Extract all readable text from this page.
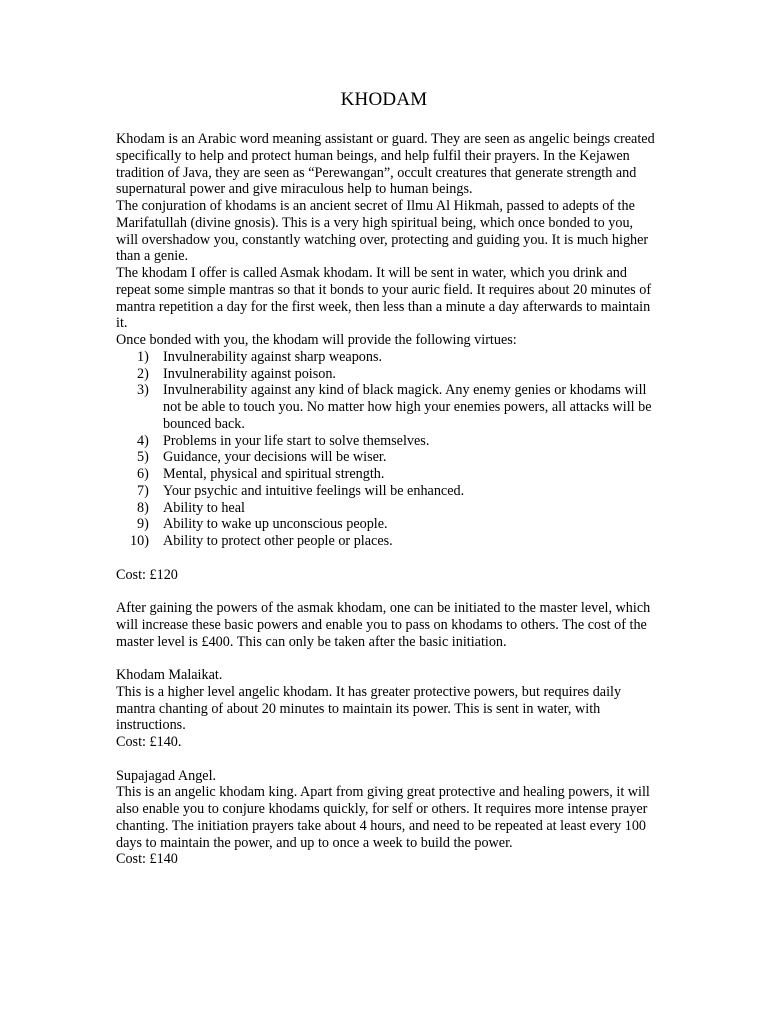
KHODAM

Khodam is an Arabic word meaning assistant or guard. They are seen as angelic beings created specifically to help and protect human beings, and help fulfil their prayers. In the Kejawen tradition of Java, they are seen as “Perewangan”, occult creatures that generate strength and supernatural power and give miraculous help to human beings.

The conjuration of khodams is an ancient secret of Ilmu Al Hikmah, passed to adepts of the Marifatullah (divine gnosis). This is a very high spiritual being, which once bonded to you, will overshadow you, constantly watching over, protecting and guiding you. It is much higher than a genie.

The khodam I offer is called Asmak khodam. It will be sent in water, which you drink and repeat some simple mantras so that it bonds to your auric field. It requires about 20 minutes of mantra repetition a day for the first week, then less than a minute a day afterwards to maintain it.

Once bonded with you, the khodam will provide the following virtues:

1) Invulnerability against sharp weapons.
2) Invulnerability against poison.
3) Invulnerability against any kind of black magick. Any enemy genies or khodams will not be able to touch you. No matter how high your enemies powers, all attacks will be bounced back.
4) Problems in your life start to solve themselves.
5) Guidance, your decisions will be wiser.
6) Mental, physical and spiritual strength.
7) Your psychic and intuitive feelings will be enhanced.
8) Ability to heal
9) Ability to wake up unconscious people.
10) Ability to protect other people or places.

Cost: £120

After gaining the powers of the asmak khodam, one can be initiated to the master level, which will increase these basic powers and enable you to pass on khodams to others. The cost of the master level is £400. This can only be taken after the basic initiation.

Khodam Malaikat.

This is a higher level angelic khodam. It has greater protective powers, but requires daily mantra chanting of about 20 minutes to maintain its power. This is sent in water, with instructions.

Cost: £140.

Supajagad Angel.

This is an angelic khodam king. Apart from giving great protective and healing powers, it will also enable you to conjure khodams quickly, for self or others. It requires more intense prayer chanting. The initiation prayers take about 4 hours, and need to be repeated at least every 100 days to maintain the power, and up to once a week to build the power.

Cost: £140
